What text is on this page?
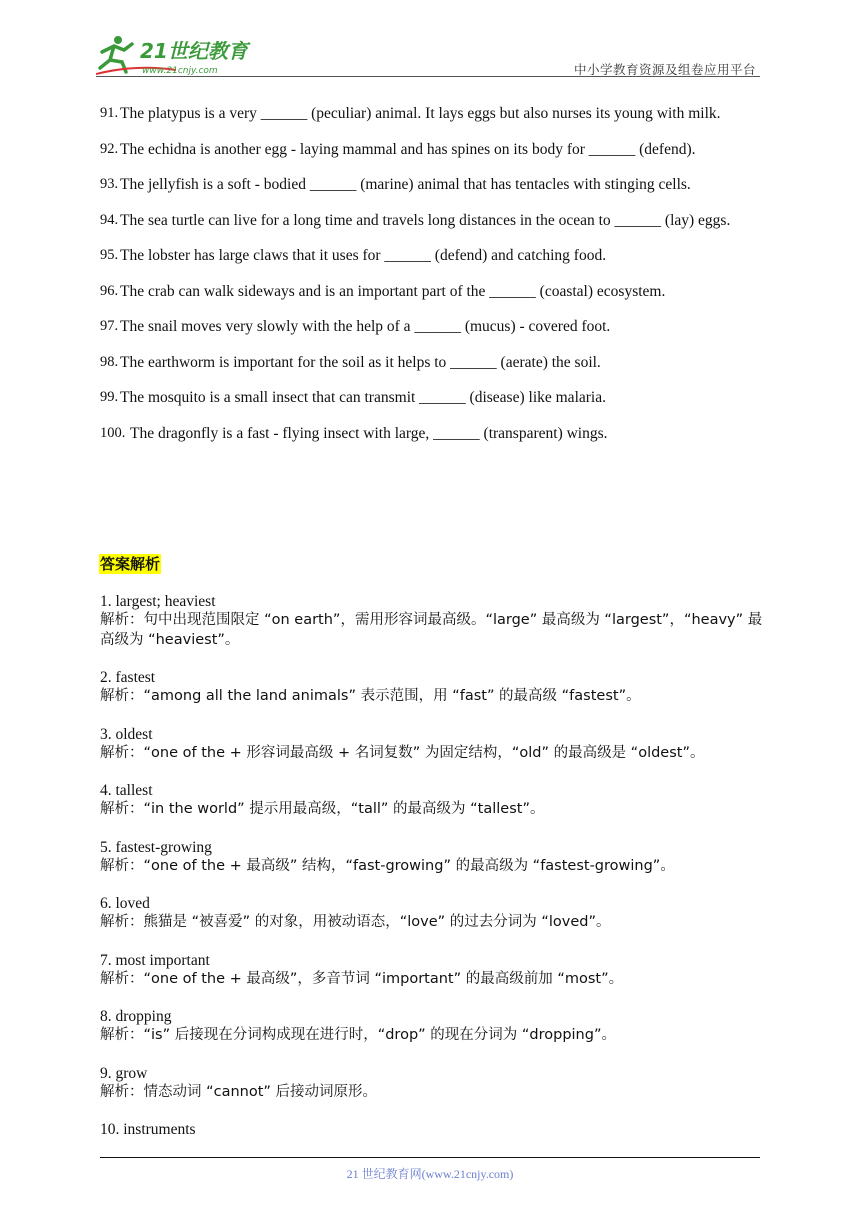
21世纪教育
www.21cnjy.com	中小学教育资源及组卷应用平台
91. The platypus is a very ______ (peculiar) animal. It lays eggs but also nurses its young with milk.
92. The echidna is another egg - laying mammal and has spines on its body for ______ (defend).
93. The jellyfish is a soft - bodied ______ (marine) animal that has tentacles with stinging cells.
94. The sea turtle can live for a long time and travels long distances in the ocean to ______ (lay) eggs.
95. The lobster has large claws that it uses for ______ (defend) and catching food.
96. The crab can walk sideways and is an important part of the ______ (coastal) ecosystem.
97. The snail moves very slowly with the help of a ______ (mucus) - covered foot.
98. The earthworm is important for the soil as it helps to ______ (aerate) the soil.
99. The mosquito is a small insect that can transmit ______ (disease) like malaria.
100. The dragonfly is a fast - flying insect with large, ______ (transparent) wings.
答案解析
1. largest; heaviest
解析：句中出现范围限定 “on earth”，需用形容词最高级。“large” 最高级为 “largest”，“heavy” 最高级为 “heaviest”。
2. fastest
解析：“among all the land animals” 表示范围，用 “fast” 的最高级 “fastest”。
3. oldest
解析：“one of the + 形容词最高级 + 名词复数” 为固定结构，“old” 的最高级是 “oldest”。
4. tallest
解析：“in the world” 提示用最高级，“tall” 的最高级为 “tallest”。
5. fastest-growing
解析：“one of the + 最高级” 结构，“fast-growing” 的最高级为 “fastest-growing”。
6. loved
解析：熊猫是 “被喜爱” 的对象，用被动语态，“love” 的过去分词为 “loved”。
7. most important
解析：“one of the + 最高级”，多音节词 “important” 的最高级前加 “most”。
8. dropping
解析：“is” 后接现在分词构成现在进行时，“drop” 的现在分词为 “dropping”。
9. grow
解析：情态动词 “cannot” 后接动词原形。
10. instruments
21 世纪教育网(www.21cnjy.com)
